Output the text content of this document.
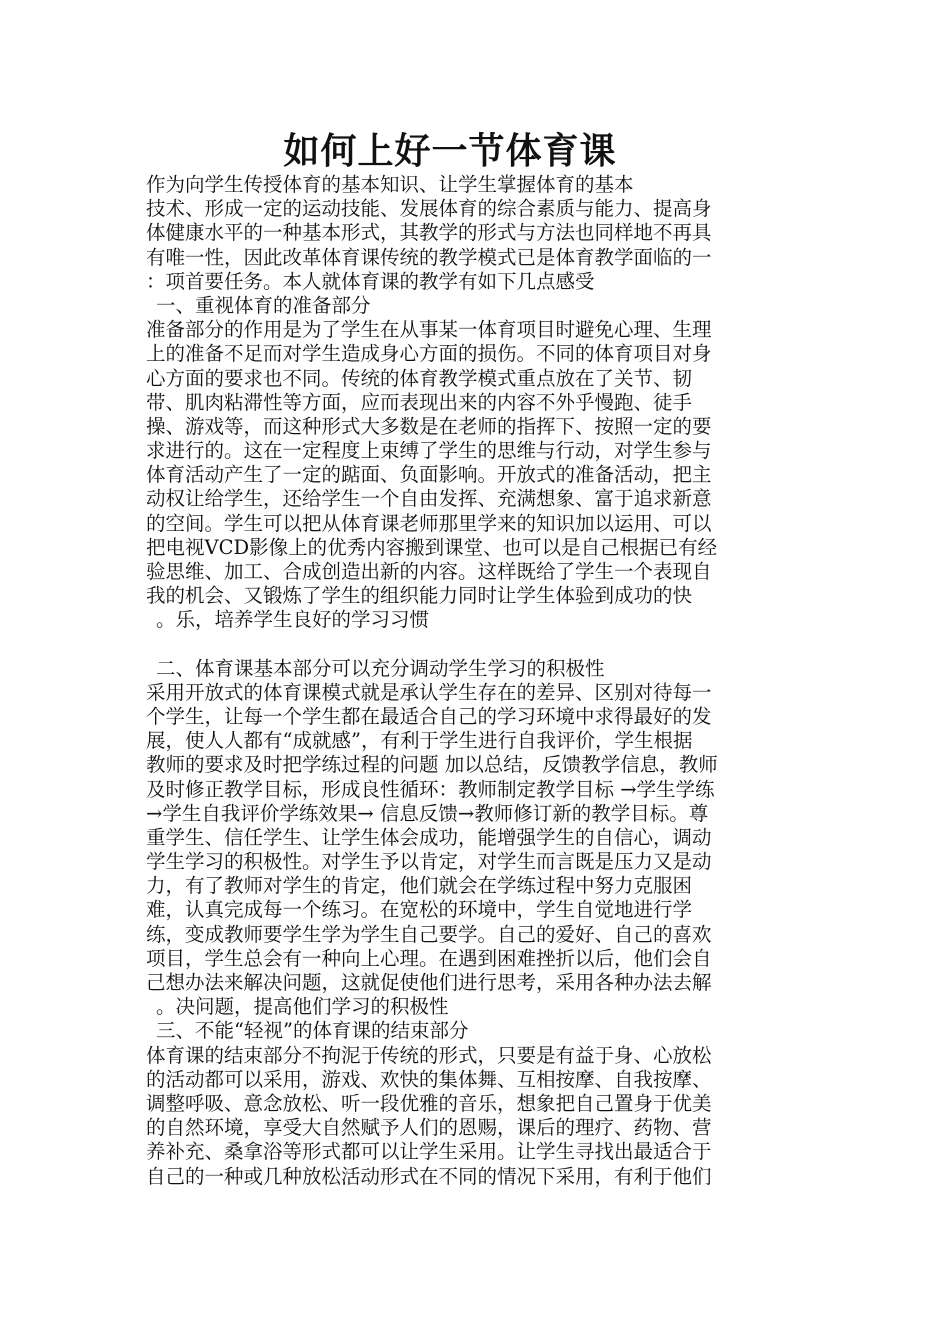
如何上好一节体育课
作为向学生传授体育的基本知识、让学生掌握体育的基本
技术、形成一定的运动技能、发展体育的综合素质与能力、提高身
体健康水平的一种基本形式，其教学的形式与方法也同样地不再具
有唯一性，因此改革体育课传统的教学模式已是体育教学面临的一
：项首要任务。本人就体育课的教学有如下几点感受
一、重视体育的准备部分
准备部分的作用是为了学生在从事某一体育项目时避免心理、生理
上的准备不足而对学生造成身心方面的损伤。不同的体育项目对身
心方面的要求也不同。传统的体育教学模式重点放在了关节、韧
带、肌肉粘滞性等方面，应而表现出来的内容不外乎慢跑、徒手
操、游戏等，而这种形式大多数是在老师的指挥下、按照一定的要
求进行的。这在一定程度上束缚了学生的思维与行动，对学生参与
体育活动产生了一定的踮面、负面影响。开放式的准备活动，把主
动权让给学生，还给学生一个自由发挥、充满想象、富于追求新意
的空间。学生可以把从体育课老师那里学来的知识加以运用、可以
把电视VCD影像上的优秀内容搬到课堂、也可以是自己根据已有经
验思维、加工、合成创造出新的内容。这样既给了学生一个表现自
我的机会、又锻炼了学生的组织能力同时让学生体验到成功的快
。乐，培养学生良好的学习习惯
二、体育课基本部分可以充分调动学生学习的积极性
采用开放式的体育课模式就是承认学生存在的差异、区别对待每一
个学生，让每一个学生都在最适合自己的学习环境中求得最好的发
展，使人人都有“成就感”，有利于学生进行自我评价，学生根据
教师的要求及时把学练过程的问题 加以总结，反馈教学信息，教师
及时修正教学目标，形成良性循环：教师制定教学目标 →学生学练
→学生自我评价学练效果→ 信息反馈→教师修订新的教学目标。尊
重学生、信任学生、让学生体会成功，能增强学生的自信心，调动
学生学习的积极性。对学生予以肯定，对学生而言既是压力又是动
力，有了教师对学生的肯定，他们就会在学练过程中努力克服困
难，认真完成每一个练习。在宽松的环境中，学生自觉地进行学
练，变成教师要学生学为学生自己要学。自己的爱好、自己的喜欢
项目，学生总会有一种向上心理。在遇到困难挫折以后，他们会自
己想办法来解决问题，这就促使他们进行思考，采用各种办法去解
。决问题，提高他们学习的积极性
三、不能“轻视”的体育课的结束部分
体育课的结束部分不拘泥于传统的形式，只要是有益于身、心放松
的活动都可以采用，游戏、欢快的集体舞、互相按摩、自我按摩、
调整呼吸、意念放松、听一段优雅的音乐，想象把自己置身于优美
的自然环境，享受大自然赋予人们的恩赐，课后的理疗、药物、营
养补充、桑拿浴等形式都可以让学生采用。让学生寻找出最适合于
自己的一种或几种放松活动形式在不同的情况下采用，有利于他们
